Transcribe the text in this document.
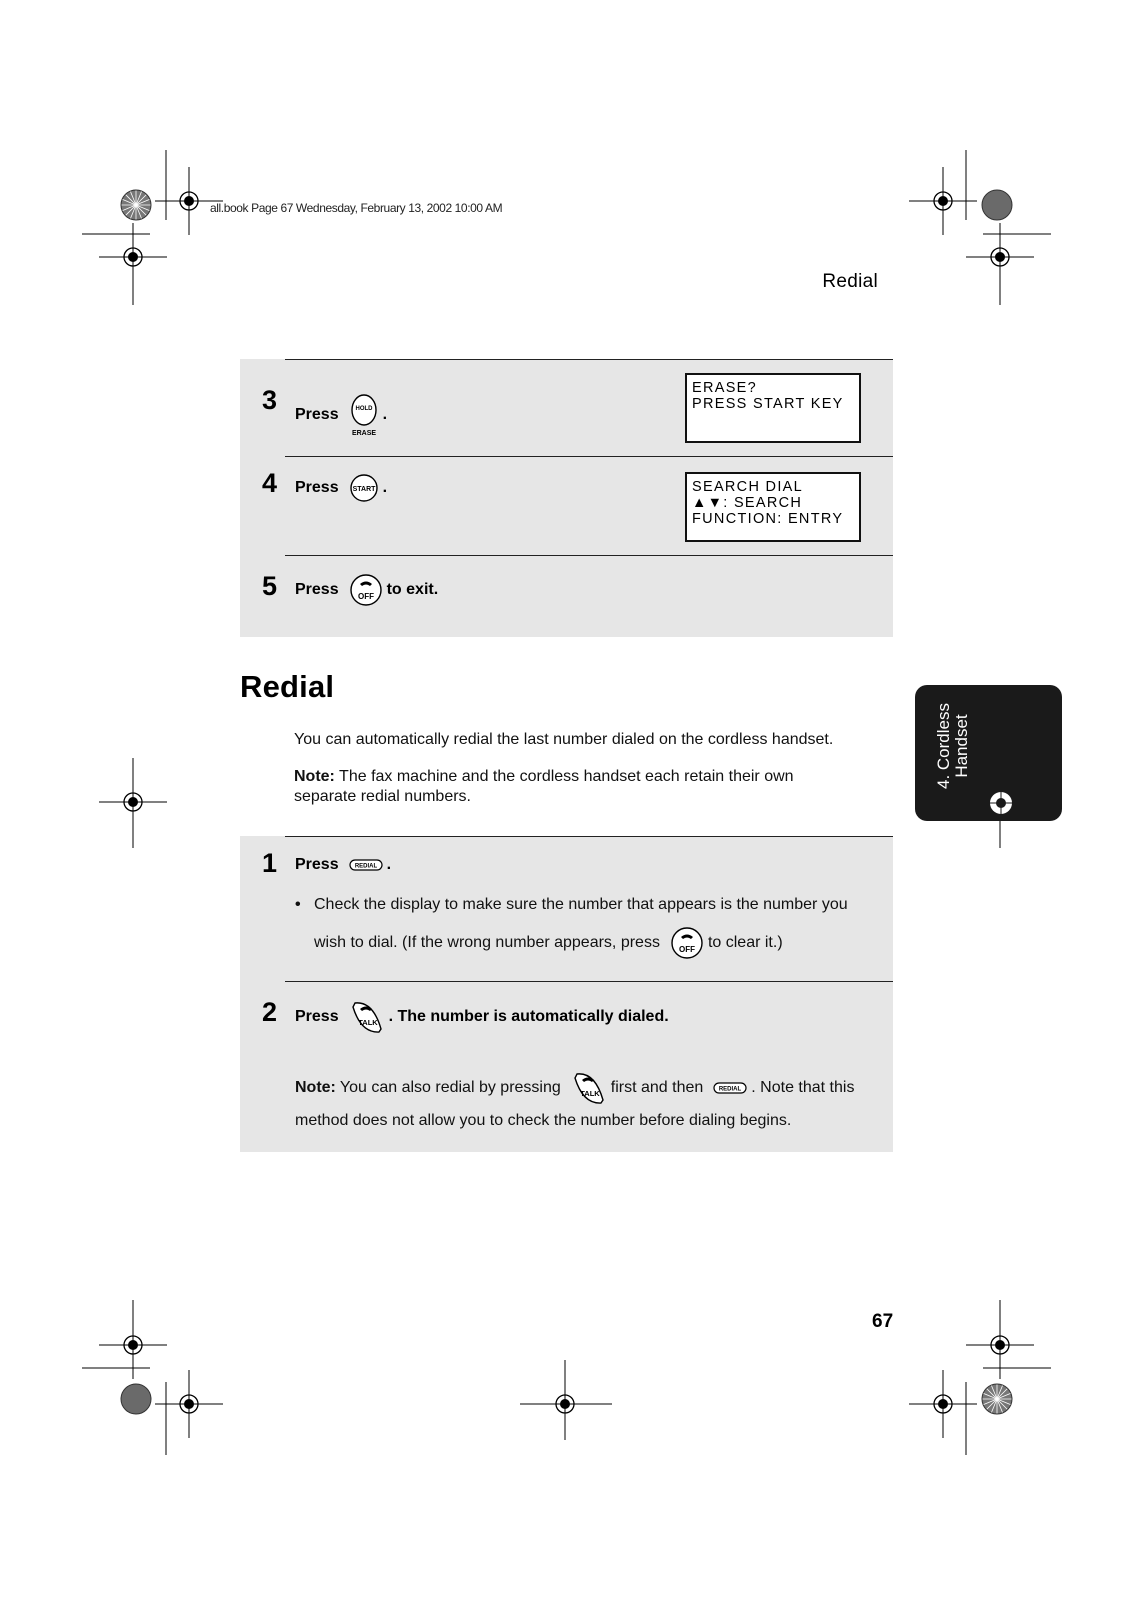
all.book Page 67 Wednesday, February 13, 2002 10:00 AM
Redial
3 Press	HOLD
ERASE
.
ERASE?
PRESS START KEY
4 Press START .	SEARCH DIAL
▲▼: SEARCH
FUNCTION: ENTRY
5 Press OFF to exit.
Redial
You can automatically redial the last number dialed on the cordless handset.
Note: The fax machine and the cordless handset each retain their own separate redial numbers.
1 Press	REDIAL .
• Check the display to make sure the number that appears is the number you
wish to dial. (If the wrong number appears, press OFF to clear it.)
2 Press	TALK . The number is automatically dialed.
Note: You can also redial by pressing	TALK first and then	REDIAL . Note that this
method does not allow you to check the number before dialing begins.
4. Cordless Handset
67
